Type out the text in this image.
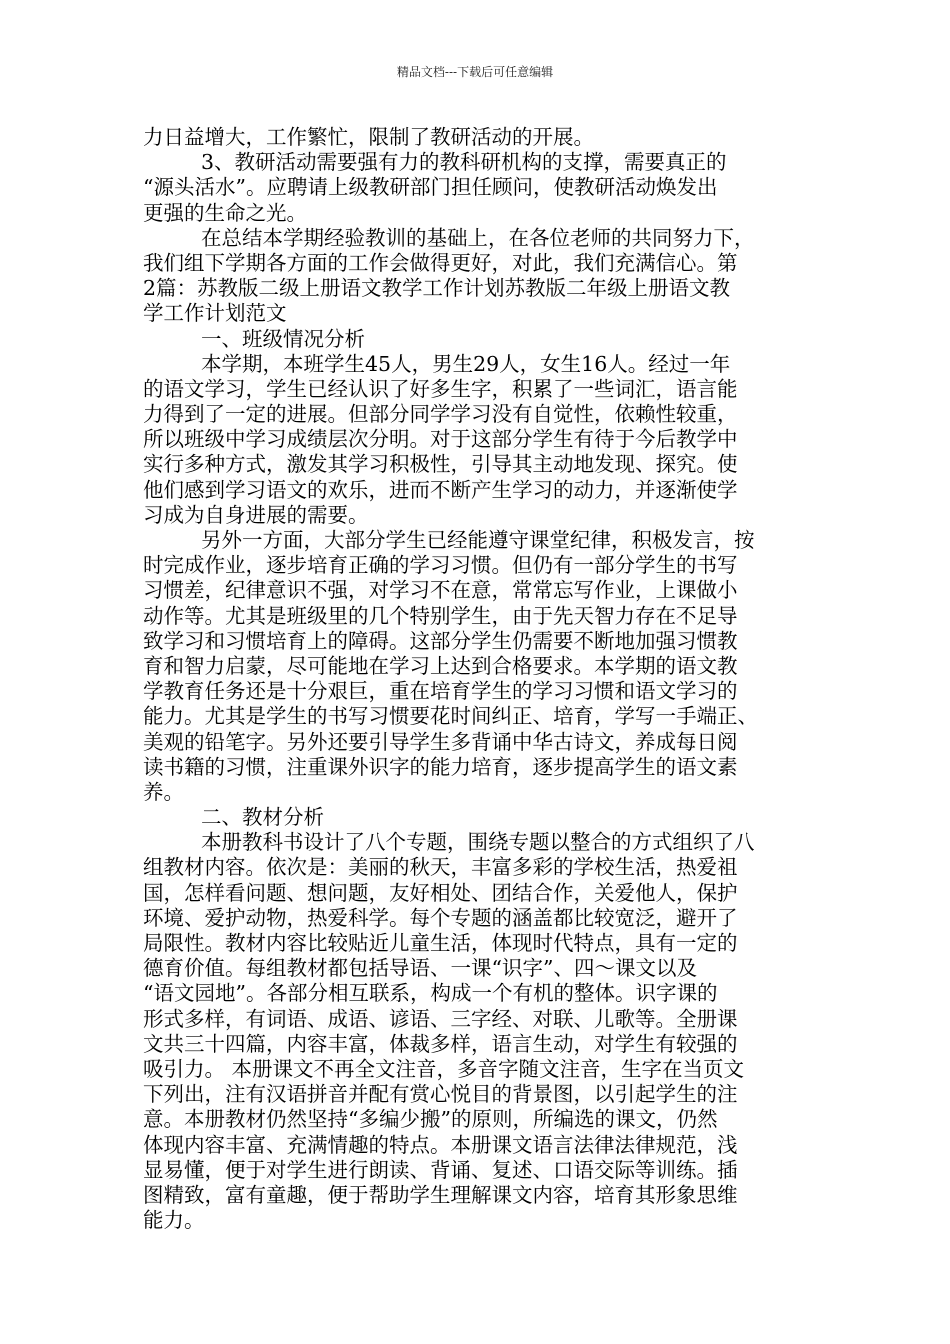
精品文档---下载后可任意编辑
力日益增大，工作繁忙，限制了教研活动的开展。
3、教研活动需要强有力的教科研机构的支撑，需要真正的
“源头活水”。应聘请上级教研部门担任顾问，使教研活动焕发出
更强的生命之光。
在总结本学期经验教训的基础上，在各位老师的共同努力下，
我们组下学期各方面的工作会做得更好，对此，我们充满信心。第
2篇：苏教版二级上册语文教学工作计划苏教版二年级上册语文教
学工作计划范文
一、班级情况分析
本学期，本班学生45人，男生29人，女生16人。经过一年
的语文学习，学生已经认识了好多生字，积累了一些词汇，语言能
力得到了一定的进展。但部分同学学习没有自觉性，依赖性较重，
所以班级中学习成绩层次分明。对于这部分学生有待于今后教学中
实行多种方式，激发其学习积极性，引导其主动地发现、探究。使
他们感到学习语文的欢乐，进而不断产生学习的动力，并逐渐使学
习成为自身进展的需要。
另外一方面，大部分学生已经能遵守课堂纪律，积极发言，按
时完成作业，逐步培育正确的学习习惯。但仍有一部分学生的书写
习惯差，纪律意识不强，对学习不在意，常常忘写作业，上课做小
动作等。尤其是班级里的几个特别学生，由于先天智力存在不足导
致学习和习惯培育上的障碍。这部分学生仍需要不断地加强习惯教
育和智力启蒙，尽可能地在学习上达到合格要求。本学期的语文教
学教育任务还是十分艰巨，重在培育学生的学习习惯和语文学习的
能力。尤其是学生的书写习惯要花时间纠正、培育，学写一手端正、
美观的铅笔字。另外还要引导学生多背诵中华古诗文，养成每日阅
读书籍的习惯，注重课外识字的能力培育，逐步提高学生的语文素
养。
二、教材分析
本册教科书设计了八个专题，围绕专题以整合的方式组织了八
组教材内容。依次是：美丽的秋天，丰富多彩的学校生活，热爱祖
国，怎样看问题、想问题，友好相处、团结合作，关爱他人，保护
环境、爱护动物，热爱科学。每个专题的涵盖都比较宽泛，避开了
局限性。教材内容比较贴近儿童生活，体现时代特点，具有一定的
德育价值。每组教材都包括导语、一课“识字”、四～课文以及
“语文园地”。各部分相互联系，构成一个有机的整体。识字课的
形式多样，有词语、成语、谚语、三字经、对联、儿歌等。全册课
文共三十四篇，内容丰富，体裁多样，语言生动，对学生有较强的
吸引力。 本册课文不再全文注音，多音字随文注音，生字在当页文
下列出，注有汉语拼音并配有赏心悦目的背景图，以引起学生的注
意。本册教材仍然坚持“多编少搬”的原则，所编选的课文，仍然
体现内容丰富、充满情趣的特点。本册课文语言法律法律规范，浅
显易懂，便于对学生进行朗读、背诵、复述、口语交际等训练。插
图精致，富有童趣，便于帮助学生理解课文内容，培育其形象思维
能力。
